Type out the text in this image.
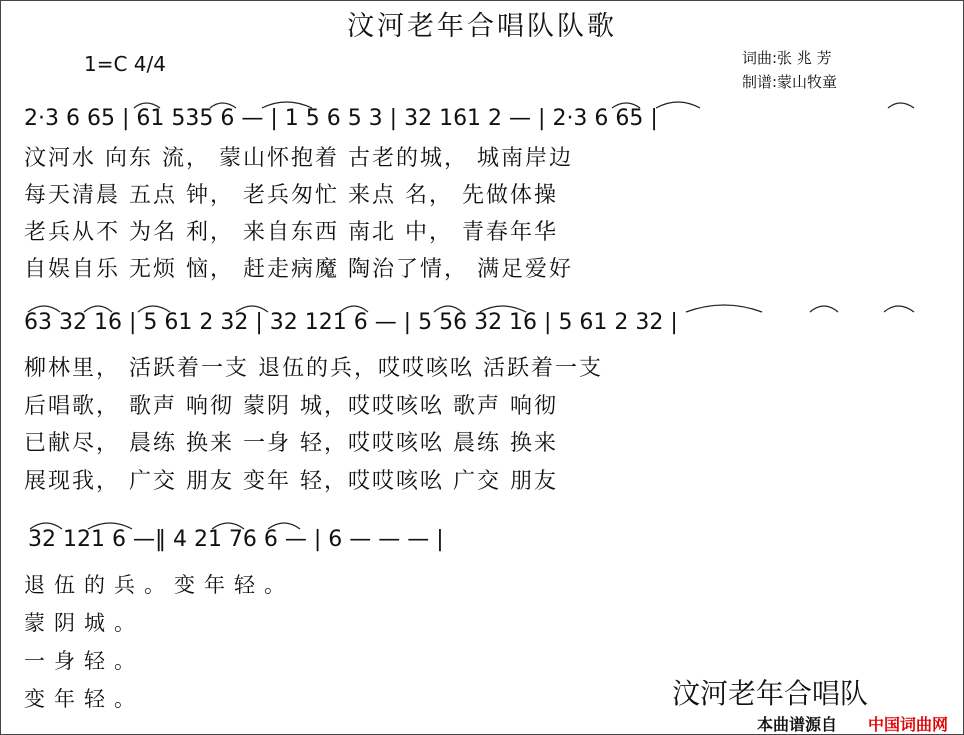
汶河老年合唱队队歌
1=C 4/4	词曲:张 兆 芳
制谱:蒙山牧童
2·3 6 65 | 61 535 6 — | 1 5 6 5 3 | 32 161 2 — | 2·3 6 65 |
汶河水 向东 流， 蒙山怀抱着 古老的城， 城南岸边
每天清晨 五点 钟， 老兵匆忙 来点 名， 先做体操
老兵从不 为名 利， 来自东西 南北 中， 青春年华
自娱自乐 无烦 恼， 赶走病魔 陶治了情， 满足爱好
63 32 16 | 5 61 2 32 | 32 121 6 — | 5 56 32 16 | 5 61 2 32 |
柳林里， 活跃着一支 退伍的兵，哎哎咳吆 活跃着一支
后唱歌， 歌声 响彻 蒙阴 城，哎哎咳吆 歌声 响彻
已献尽， 晨练 换来 一身 轻，哎哎咳吆 晨练 换来
展现我， 广交 朋友 变年 轻，哎哎咳吆 广交 朋友
32 121 6 —‖ 4 21 76 6 — | 6 — — — |
退伍的兵。变年轻。
蒙阴城。
一身轻。
变年轻。	汶河老年合唱队
本曲谱源自 中国词曲网
